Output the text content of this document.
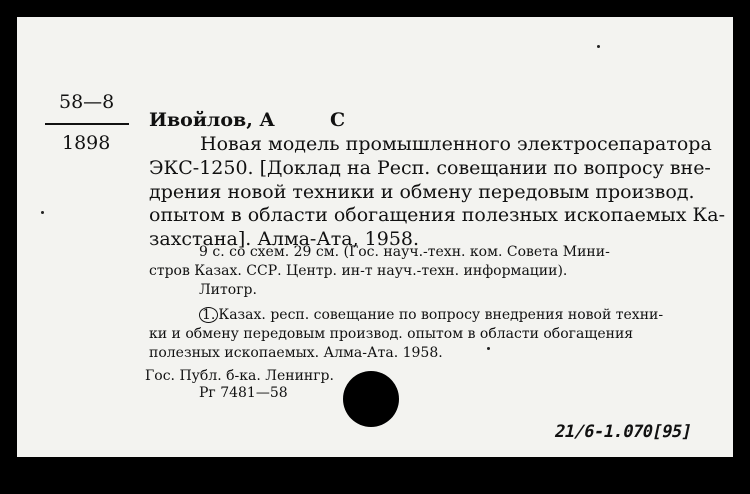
58—8
1898
Ивойлов, А	С
Новая модель промышленного электросепаратора
ЭКС-1250. [Доклад на Респ. совещании по вопросу вне-
дрения новой техники и обмену передовым производ.
опытом в области обогащения полезных ископаемых Ка-
захстана]. Алма-Ата, 1958.
9 с. со схем. 29 см. (Гос. науч.-техн. ком. Совета Мини-
стров Казах. ССР. Центр. ин-т науч.-техн. информации).
Литогр.
1. Казах. респ. совещание по вопросу внедрения новой техни-
ки и обмену передовым производ. опытом в области обогащения
полезных ископаемых. Алма-Ата. 1958.
Гос. Публ. б-ка. Ленингр.
Рг 7481—58
21/6-1.070[95]
